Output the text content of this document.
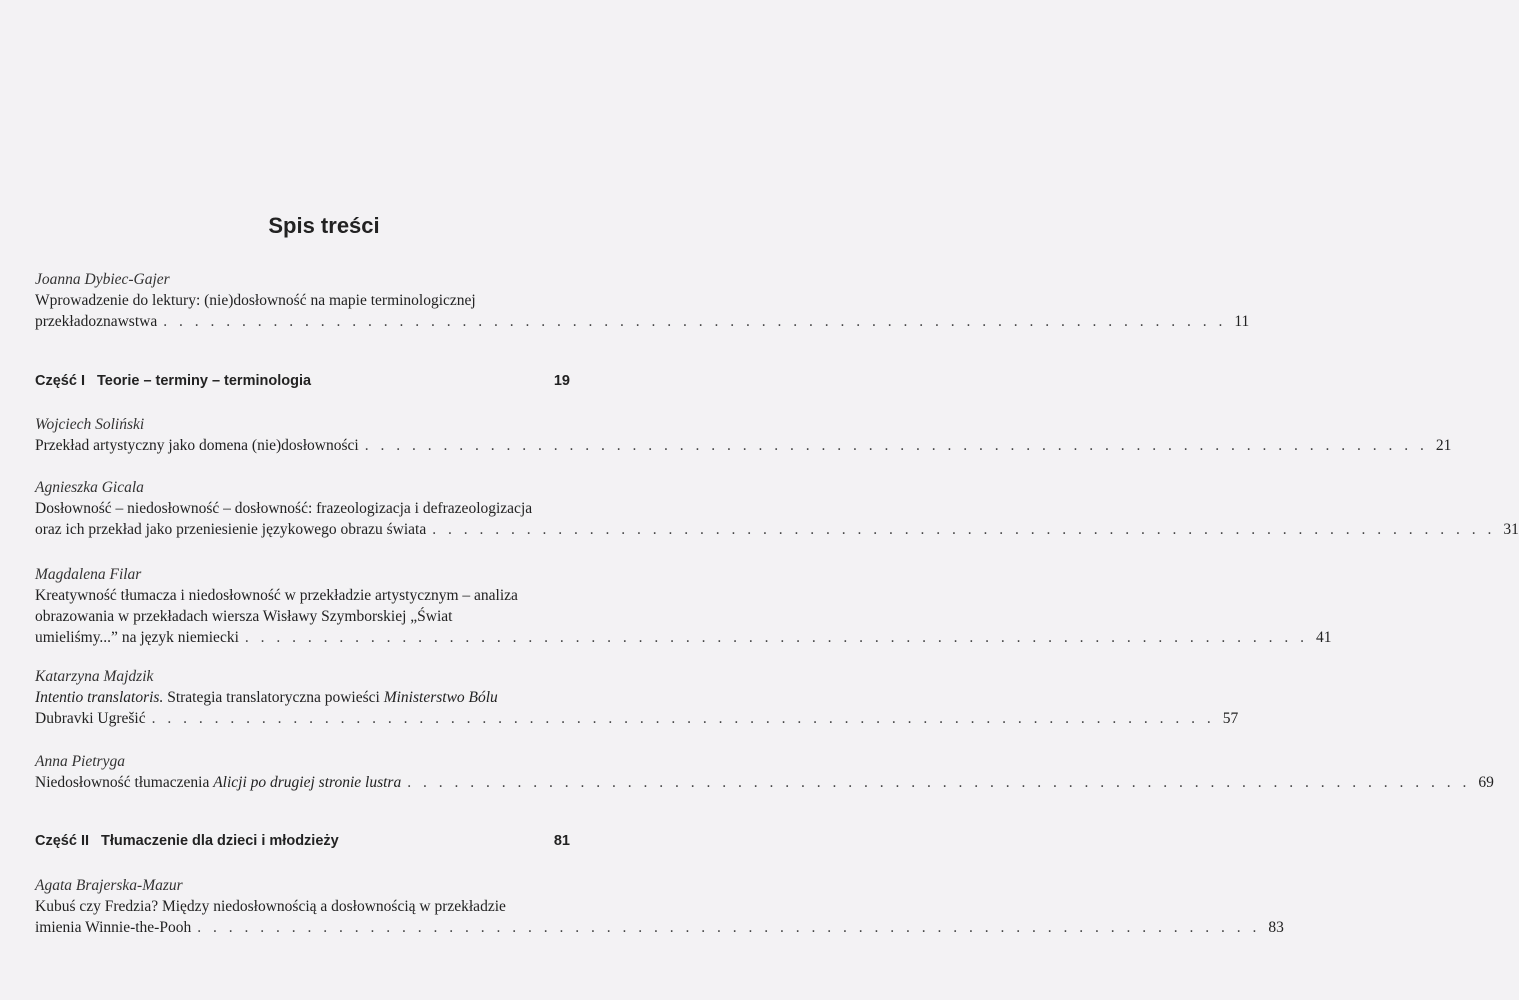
Spis treści
Joanna Dybiec-Gajer
Wprowadzenie do lektury: (nie)dosłowność na mapie terminologicznej
przekładoznawstwa . . . . . . . . . . . . . . . . . . . . . . . . . . . . . . . . . . . . . . . . . . . . . . . . . . . . . . . . . . . . . . . . . . . . 11
Część I Teorie – terminy – terminologia	19
Wojciech Soliński
Przekład artystyczny jako domena (nie)dosłowności . . . . . . . . . . . . . . . . . . . . . . . . . . . . . . . . . . . . . . . . . . . . . . . . . . . . . . . . . . . . . . . . . . . . 21
Agnieszka Gicala
Dosłowność – niedosłowność – dosłowność: frazeologizacja i defrazeologizacja
oraz ich przekład jako przeniesienie językowego obrazu świata . . . . . . . . . . . . . . . . . . . . . . . . . . . . . . . . . . . . . . . . . . . . . . . . . . . . . . . . . . . . . . . . . . . . 31
Magdalena Filar
Kreatywność tłumacza i niedosłowność w przekładzie artystycznym – analiza
obrazowania w przekładach wiersza Wisławy Szymborskiej „Świat
umieliśmy...” na język niemiecki . . . . . . . . . . . . . . . . . . . . . . . . . . . . . . . . . . . . . . . . . . . . . . . . . . . . . . . . . . . . . . . . . . . . 41
Katarzyna Majdzik
Intentio translatoris. Strategia translatoryczna powieści Ministerstwo Bólu
Dubravki Ugrešić . . . . . . . . . . . . . . . . . . . . . . . . . . . . . . . . . . . . . . . . . . . . . . . . . . . . . . . . . . . . . . . . . . . . 57
Anna Pietryga
Niedosłowność tłumaczenia Alicji po drugiej stronie lustra . . . . . . . . . . . . . . . . . . . . . . . . . . . . . . . . . . . . . . . . . . . . . . . . . . . . . . . . . . . . . . . . . . . . 69
Część II Tłumaczenie dla dzieci i młodzieży	81
Agata Brajerska-Mazur
Kubuś czy Fredzia? Między niedosłownością a dosłownością w przekładzie
imienia Winnie-the-Pooh . . . . . . . . . . . . . . . . . . . . . . . . . . . . . . . . . . . . . . . . . . . . . . . . . . . . . . . . . . . . . . . . . . . . 83
